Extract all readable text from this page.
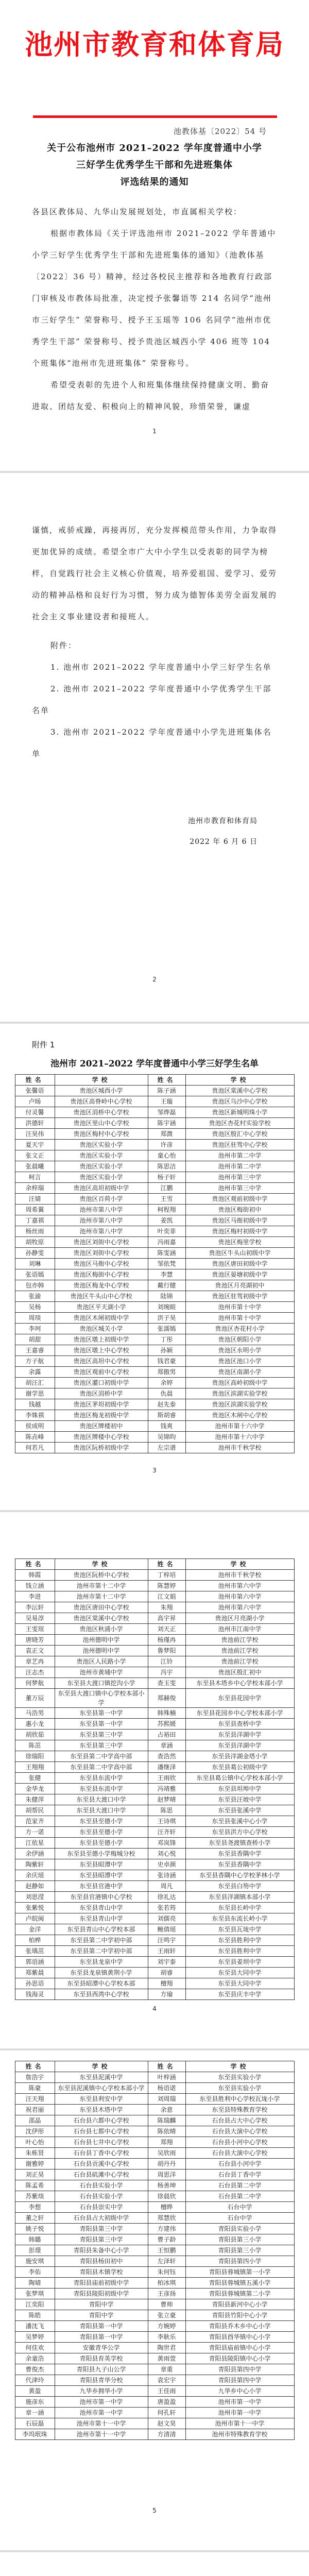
池州市教育和体育局
池教体基〔2022〕54 号
关于公布池州市 2021–2022 学年度普通中小学
三好学生优秀学生干部和先进班集体
评选结果的通知

各县区教体局、九华山发展规划处，市直属相关学校：

根据市教体局《关于评选池州市 2021–2022 学年普通中小学三好学生优秀学生干部和先进班集体的通知》（池教体基〔2022〕36 号）精神，经过各校民主推荐和各地教育行政部门审核及市教体局批准，决定授予张馨语等 214 名同学“池州市三好学生” 荣誉称号、授予王玉瑶等 106 名同学“池州市优秀学生干部” 荣誉称号、授予贵池区城西小学 406 班等 104 个班集体“池州市先进班集体” 荣誉称号。

希望受表彰的先进个人和班集体继续保持健康文明、勤奋进取、团结友爱、积极向上的精神风貌，珍惜荣誉，谦虚

1

谨慎，戒骄戒躁，再接再厉，充分发挥模范带头作用，力争取得更加优异的成绩。希望全市广大中小学生以受表彰的同学为榜样，自觉践行社会主义核心价值观，培养爱祖国、爱学习、爱劳动的精神品格和良好行为习惯，努力成为德智体美劳全面发展的社会主义事业建设者和接班人。

附件：

1. 池州市 2021–2022 学年度普通中小学三好学生名单

2. 池州市 2021–2022 学年度普通中小学优秀学生干部名单

3. 池州市 2021–2022 学年度普通中小学先进班集体名单

池州市教育和体育局
2022 年 6 月 6 日
2
附件 1
池州市 2021–2022 学年度普通中小学三好学生名单
姓名	学校	姓名	学校
张馨语	贵池区城西小学	陈子涵	贵池区棠溪中心学校
卢旸	贵池区高脊岭中心学校	王璇	贵池区乌沙中心学校
付灵馨	贵池区涓桥中心学校	邹烨磊	贵池区新城明珠小学
洪德轩	贵池区里山中心学校	陈宇涵	贵池区杏花村实验学校
汪昊伟	贵池区梅村中心学校	郑溦	贵池区殷汇中心学校
夏天宇	贵池区实验小学	许彦	贵池区驻驾中心学校
张文正	贵池区实验小学	童心怡	池州市第二中学
张晨曦	贵池区实验小学	陈思洁	池州市第二中学
柯言	贵池区实验小学	杨子轩	池州市第三中学
余梓瑞	贵池区高坦初级中学	江鹏	池州市第三中学
汪婧	贵池区百荷小学	王雪	贵池区观前初级中学
周希翼	池州市第八中学	柯程翔	贵池区梅街初中
丁嘉祺	池州市第八中学	姜凯	贵池区马衙初级中学
杨丝雨	池州市第八中学	叶奕菲	贵池区梅村初级中学
胡牧原	贵池区刘街中心学校	冯雨嘉	贵池区梅里学校
孙静雯	贵池区刘街中心学校	陈雯涵	贵池区牛头山初级中学
刘琳	贵池区马衙中心学校	邹依梵	贵池区唐田初级中学
张语嫣	贵池区梅街中心学校	李慧	贵池区晏塘初级中学
包亦韩	贵池区梅龙中心学校	戴行健	贵池区月亮湖初中
张渝	贵池区牛头山中心学校	陆锦	贵池区驻驾初级中学
吴杨	贵池区平天湖小学	刘琬暄	池州市第十中学
周琰	贵池区木闸初级中学	洪子昊	池州市第十中学
李珂	贵池区城关小学	张濡嫣	贵池区杏花村小学
胡甜	贵池区墩上初级中学	丁彤	贵池区朝阳小学
王嘉睿	贵池区墩上中心学校	孙颖	贵池区永明小学
方子航	贵池区高坦中心学校	钱君豪	贵池区池口小学
余露	贵池区观前中心学校	郑傲男	贵池区南湖小学
胡汪汇	贵池区灌口初级中学	余婷	贵池区高岭初级中学
谢学思	贵池区涓桥中学	仇晨	贵池区滨湖实验学校
钱越	贵池区茅坦初级中学	赵先泰	贵池区滨湖实验学校
李姝祺	贵池区梅龙初级中学	斯胡睿	贵池区木闸中心学校
侯成明	贵池区牌楼初中	钱爽	池州市第十六中学
陈垚峰	贵池区牌楼中心学校	吴锦昀	池州市第十六中学
何若凡	贵池区阮桥初级中学	左宗谱	池州市千秋学校
3
姓名	学校	姓名	学校
韩霞	贵池区阮桥中心学校	丁梓培	池州市千秋学校
钱立涵	池州市第十二中学	陈慧婷	池州市第六中学
李进	池州市第十二中学	江文娟	池州市第六中学
李沄轩	贵池区唐田中心学校	朱翔	池州市第六中学
吴易淳	贵池区棠溪中心学校	高宇昇	贵池区月亮湖小学
王雯瑄	贵池区秋浦小学	刘天正	池州市江南中学
唐晓芳	池州德明中学	杨瑾冉	贵池前江学校
袁正文	池州德明中学	鲁梦阳	贵池前江学校
章艺冉	贵池区人民路小学	江铃	贵池前江学校
汪志杰	池州市黄埔中学	冯宇	贵池区殷汇初中
何梦航	东至县大渡口镇挖沟小学	查玉雯	东至县木塔乡中心学校本部小学
董万辰	东至县大渡口镇中心学校本部小学	郑赫俊	东至县花园中学
马浩男	东至县第一中学	韩殊楠	东至县花园乡中心学校本部小学
惠小龙	东至县第一中学	苏熙媛	东至县查桥中学
胡欣茹	东至县第三中学	占裕田	东至县洋湖中学
陈茁	东至县第三中学	章涵	东至县洋湖中学
徐瑞阳	东至县第二中学高中部	查浩然	东至县洋湖金塔小学
王翔翔	东至县第二中学高中部	潘继泽	东至县葛公初级中学
张健	东至县东流中学	王雨欣	东至县葛公镇中心学校本部小学
金华龙	东至县东流中学	冯靖雅	东至县坦埠中学
朱健萍	东至县大渡口中学	赵梦晴	东至县汪坡中学
胡帮民	东至县大渡口中学	陈思	东至县张溪中学
范家齐	东至县至德小学	王诗琪	东至县张溪中心小学
方一诺	东至县至德小学	汪齐轩	东至县洪方中心学校
江依星	东至县至德小学	邓岚锋	东至县尧渡镇查桥小学
余伊涵	东至县至德小学梅城分校	刘心悦	东至县香隅中学
陶紫轩	东至县昭潭中学	史卓颜	东至县香隅中学
余庆瑶	东至县昭潭中学	张诗涵	东至县香隅中心学校茅林小学
赵静如	东至县官港中学	周凡	东至县白笏中学
刘思滢	东至县官港镇中心学校	徐礼达	东至县洋湖镇本部小学
张紫悦	东至县青山中学	张若筠	东至县长岭中学
卢皖闽	东至县青山中学	刘儒亮	东至县东流长岭小学
金洋	东至县青山中心学校本部	鲍倩瑶	东至县瓦垅中学
柏桦	东至县第二中学初中部	汪鸣宇	东至县胜利中学
张瑀茁	东至县第二中学初中部	王雨轩	东至县胜利中学
郭语涵	东至县龙泉中学	刘宇泰	东至县姜坝中学
郑紫晨	东至县龙泉镇黄荆小学	胡睿	东至县大同中学
孙思语	东至县昭潭中心学校本部	檀翔	东至县大同中学
钱海灵	东至县西湾中心学校	方瑜	东至县庆丰中学
4
姓名	学校	姓名	学校
詹浩宇	东至县泥溪中学	叶梓涵	东至县实验小学
陈豪	东至县泥溪镇中心学校本部小学	杨语诺	东至县实验小学
汪天翔	东至县利安中学	刘周瑞	东至县胜利中心学校瓦垅小学
祝君丽	东至县木塔中学	余意	东至县特殊教育学校
邵晶	石台县六都中心学校	陈瑞麟	石台县占大中心学校
沈伊彤	石台县七都中心学校	陈依晴	石台县大演中心学校
叶心怡	石台县七井中心学校	郑翔	石台县小河中心学校
朱栋贤	石台县丁香中心学校	吴欣雨	石台县大演中心学校
谢雅婷	石台县贡溪中心学校	胡丹丹	石台县小河中学
刘正昊	石台县矶滩中心学校	周思洋	石台县丁香中学
陈孟希	石台县实验小学	杨善坤	石台县第二中学
苏紫琰	石台县实验小学	徐晨欣	石台县第二中学
李想	石台县崇实中学	檀晔	石台中学
董之轩	石台县占大初级中学	郑慧欣	石台中学
姚子悦	青阳县第三中学	方建伟	青阳县实验小学
韩璐	青阳县第三中学	曹子龄	青阳县第三小学
彭璟	青阳县朱备中心小学	王恒鹏	青阳县第三小学
施安琪	青阳县杨田初中	左泽轩	青阳县第四小学
李佑	青阳县木镇学校	朱何钰	青阳县蓉城镇第一小学
陶婧	青阳县庙前初级中学	柏冰琪	青阳县蓉城镇五溪小学
张梦琪	青阳县陵阳初级中学	王彦扬	青阳县蓉城镇第二小学
江奕阳	青阳中学	曹帅	青阳县新河中心小学
陈皓	青阳中学	张立豪	青阳县竹阳中心小学
潘沈飞	青阳县第一中学	方婉婷	青阳县乔木乡中心小学
吴梦婷	青阳县第一中学	李耿乐	青阳县酉华镇中心小学
何佳欢	安徽青华公学	陶世君	青阳县庙前镇中心小学
余童浩	青阳县育英学校	黄雨萱	青阳县陵阳镇中心小学
曹俊杰	青阳县九子山公学	章重	青阳县第四中学
代津玲	青阳县青华分校	袁宏宇	青阳县第四中学
黄盈	九华乡拥华小学	王佳雨	九华乡中心小学
施彦东	池州市第一中学	唐盈盈	池州市第一中学
章一涵	池州市第一中学	何孔轩	池州市第一中学
石辰磊	池州市第十一中学	赵文昊	池州市第十一中学
李坞珉珠	池州市第十一中学	方清清	池州市特殊教育学校
5
